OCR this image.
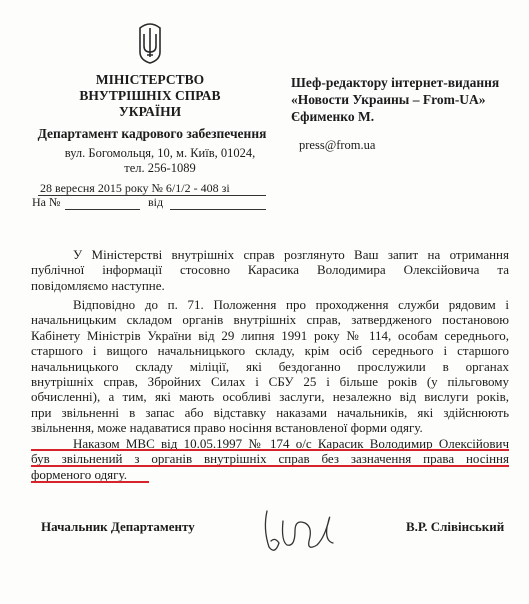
МІНІСТЕРСТВО
ВНУТРІШНІХ СПРАВ
УКРАЇНИ
Департамент кадрового забезпечення
вул. Богомольця, 10, м. Київ, 01024,
тел. 256-1089
28 вересня 2015 року № 6/1/2 - 408 зі
На №	від
Шеф-редактору інтернет-видання
«Новости Украины – From-UA»
Єфименко М.
press@from.ua
У Міністерстві внутрішніх справ розглянуто Ваш запит на отримання
публічної інформації стосовно Карасика Володимира Олексійовича та
повідомляємо наступне.
Відповідно до п. 71. Положення про проходження служби рядовим і
начальницьким складом органів внутрішніх справ, затвердженого постановою
Кабінету Міністрів України від 29 липня 1991 року № 114, особам середнього,
старшого і вищого начальницького складу, крім осіб середнього і старшого
начальницького складу міліції, які бездоганно прослужили в органах
внутрішніх справ, Збройних Силах і СБУ 25 і більше років (у пільговому
обчисленні), а тим, які мають особливі заслуги, незалежно від вислуги років,
при звільненні в запас або відставку наказами начальників, які здійснюють
звільнення, може надаватися право носіння встановленої форми одягу.
Наказом МВС від 10.05.1997 № 174 о/с Карасик Володимир Олексійович
був звільнений з органів внутрішніх справ без зазначення права носіння
форменого одягу.
Начальник Департаменту	В.Р. Слівінський
